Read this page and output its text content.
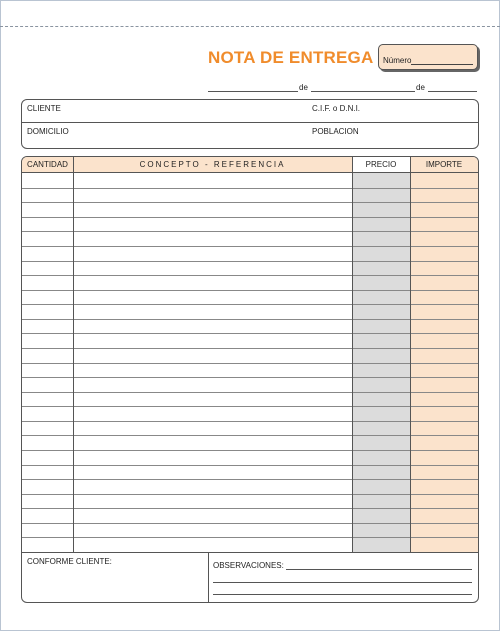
NOTA DE ENTREGA Número
de	de
CLIENTE	C.I.F. o D.N.I.
DOMICILIO	POBLACION
CANTIDAD	CONCEPTO - REFERENCIA	PRECIO	IMPORTE
CONFORME CLIENTE:	OBSERVACIONES:
